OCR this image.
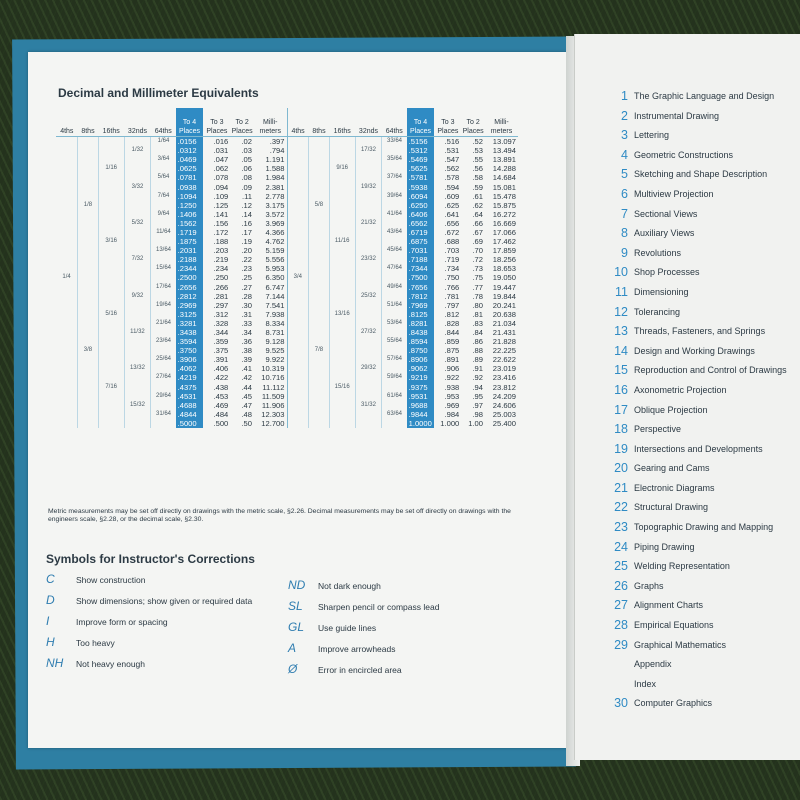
Decimal and Millimeter Equivalents
4ths	8ths	16ths	32nds	64ths	To 4 Places	To 3 Places	To 2 Places	Milli-meters	4ths	8ths	16ths	32nds	64ths	To 4 Places	To 3 Places	To 2 Places	Milli-meters
				1/64	.0156	.016	.02	.397					33/64	.5156	.516	.52	13.097
			1/32		.0312	.031	.03	.794				17/32		.5312	.531	.53	13.494
				3/64	.0469	.047	.05	1.191					35/64	.5469	.547	.55	13.891
		1/16			.0625	.062	.06	1.588			9/16			.5625	.562	.56	14.288
				5/64	.0781	.078	.08	1.984					37/64	.5781	.578	.58	14.684
			3/32		.0938	.094	.09	2.381				19/32		.5938	.594	.59	15.081
				7/64	.1094	.109	.11	2.778					39/64	.6094	.609	.61	15.478
	1/8				.1250	.125	.12	3.175		5/8				.6250	.625	.62	15.875
				9/64	.1406	.141	.14	3.572					41/64	.6406	.641	.64	16.272
			5/32		.1562	.156	.16	3.969				21/32		.6562	.656	.66	16.669
				11/64	.1719	.172	.17	4.366					43/64	.6719	.672	.67	17.066
		3/16			.1875	.188	.19	4.762			11/16			.6875	.688	.69	17.462
				13/64	.2031	.203	.20	5.159					45/64	.7031	.703	.70	17.859
			7/32		.2188	.219	.22	5.556				23/32		.7188	.719	.72	18.256
				15/64	.2344	.234	.23	5.953					47/64	.7344	.734	.73	18.653
1/4					.2500	.250	.25	6.350	3/4					.7500	.750	.75	19.050
				17/64	.2656	.266	.27	6.747					49/64	.7656	.766	.77	19.447
			9/32		.2812	.281	.28	7.144				25/32		.7812	.781	.78	19.844
				19/64	.2969	.297	.30	7.541					51/64	.7969	.797	.80	20.241
		5/16			.3125	.312	.31	7.938			13/16			.8125	.812	.81	20.638
				21/64	.3281	.328	.33	8.334					53/64	.8281	.828	.83	21.034
			11/32		.3438	.344	.34	8.731				27/32		.8438	.844	.84	21.431
				23/64	.3594	.359	.36	9.128					55/64	.8594	.859	.86	21.828
	3/8				.3750	.375	.38	9.525		7/8				.8750	.875	.88	22.225
				25/64	.3906	.391	.39	9.922					57/64	.8906	.891	.89	22.622
			13/32		.4062	.406	.41	10.319				29/32		.9062	.906	.91	23.019
				27/64	.4219	.422	.42	10.716					59/64	.9219	.922	.92	23.416
		7/16			.4375	.438	.44	11.112			15/16			.9375	.938	.94	23.812
				29/64	.4531	.453	.45	11.509					61/64	.9531	.953	.95	24.209
			15/32		.4688	.469	.47	11.906				31/32		.9688	.969	.97	24.606
				31/64	.4844	.484	.48	12.303					63/64	.9844	.984	.98	25.003
					.5000	.500	.50	12.700						1.0000	1.000	1.00	25.400
Metric measurements may be set off directly on drawings with the metric scale, §2.26. Decimal measurements may be set off directly on drawings with the engineers scale, §2.28, or the decimal scale, §2.30.
Symbols for Instructor's Corrections
C	Show construction
D	Show dimensions; show given or required data
I	Improve form or spacing
H	Too heavy
NH Not heavy enough
ND Not dark enough
SL Sharpen pencil or compass lead
GL Use guide lines
A	Improve arrowheads
Ø Error in encircled area
1 The Graphic Language and Design
2 Instrumental Drawing
3 Lettering
4 Geometric Constructions
5 Sketching and Shape Description
6 Multiview Projection
7 Sectional Views
8 Auxiliary Views
9 Revolutions
10 Shop Processes
11 Dimensioning
12 Tolerancing
13 Threads, Fasteners, and Springs
14 Design and Working Drawings
15 Reproduction and Control of Drawings
16 Axonometric Projection
17 Oblique Projection
18 Perspective
19 Intersections and Developments
20 Gearing and Cams
21 Electronic Diagrams
22 Structural Drawing
23 Topographic Drawing and Mapping
24 Piping Drawing
25 Welding Representation
26 Graphs
27 Alignment Charts
28 Empirical Equations
29 Graphical Mathematics
Appendix
Index
30 Computer Graphics
